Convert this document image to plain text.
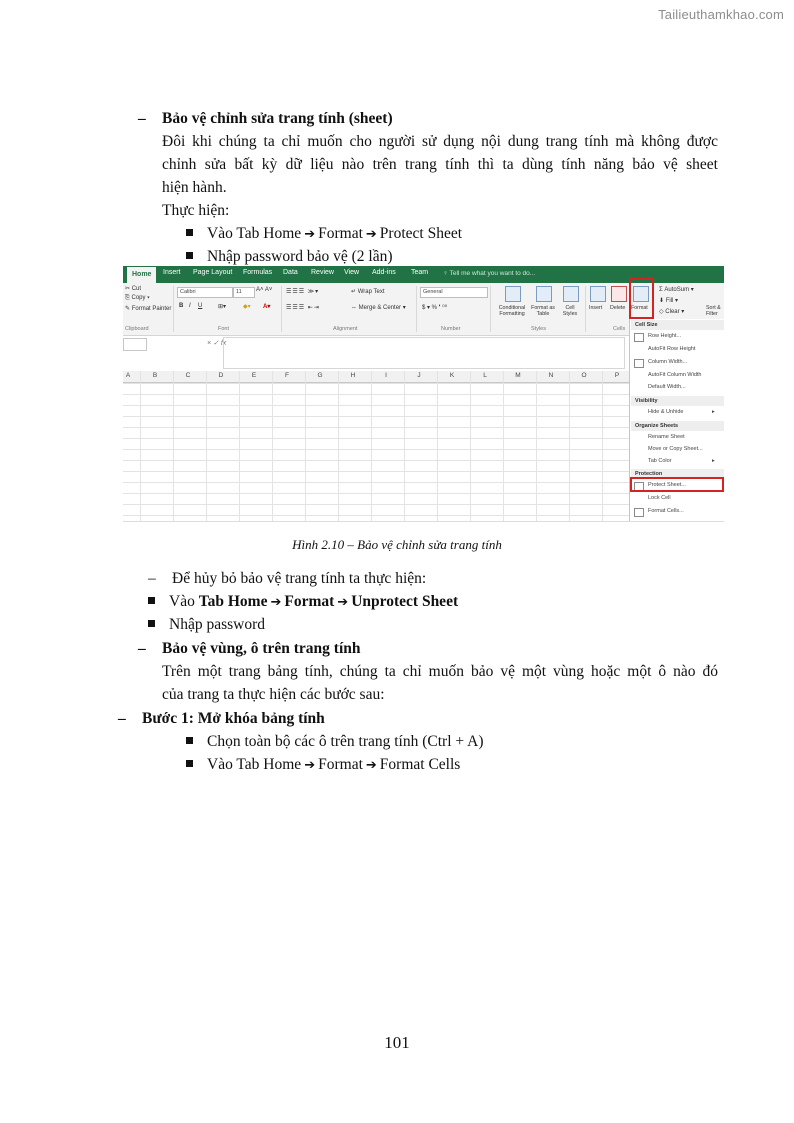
Tailieuthamkhao.com
– Bảo vệ chỉnh sửa trang tính (sheet)
Đôi khi chúng ta chỉ muốn cho người sử dụng nội dung trang tính mà không được
chỉnh sửa bất kỳ dữ liệu nào trên trang tính thì ta dùng tính năng bảo vệ sheet
hiện hành.
Thực hiện:
Vào Tab Home ➔ Format ➔ Protect Sheet
Nhập password bảo vệ (2 lần)
Home	Insert Page Layout Formulas Data Review View Add-ins Team ♀ Tell me what you want to do...
✂ Cut
⎘ Copy ▾
✎ Format Painter
Clipboard
Calibri	11	A˄ A˅
B I U	⊞▾	◆▾ A▾
Font
☰☰☰ ≫▾
☰☰☰ ⇤⇥
↵ Wrap Text
⇔ Merge & Center ▾
Alignment
General
$ ▾ % ❜ ⁰⁰
Number
Conditional Formatting
Format as Table
Cell Styles
Styles
Insert Delete Format
Cells
Σ AutoSum ▾
⬇ Fill ▾
◇ Clear ▾
Sort & Filter
× ✓ fx
A	B	C	D	E	F	G	H	I	J	K	L	M	N	O	P
Cell Size
Row Height...
AutoFit Row Height
Column Width...
AutoFit Column Width
Default Width...
Visibility
Hide & Unhide	▸
Organize Sheets
Rename Sheet
Move or Copy Sheet...
Tab Color	▸
Protection
Protect Sheet...
Lock Cell
Format Cells...
Hình 2.10 – Bảo vệ chỉnh sửa trang tính
– Để hủy bỏ bảo vệ trang tính ta thực hiện:
Vào Tab Home ➔ Format ➔ Unprotect Sheet
Nhập password
– Bảo vệ vùng, ô trên trang tính
Trên một trang bảng tính, chúng ta chỉ muốn bảo vệ một vùng hoặc một ô nào đó
của trang ta thực hiện các bước sau:
– Bước 1: Mở khóa bảng tính
Chọn toàn bộ các ô trên trang tính (Ctrl + A)
Vào Tab Home ➔ Format ➔ Format Cells
101
